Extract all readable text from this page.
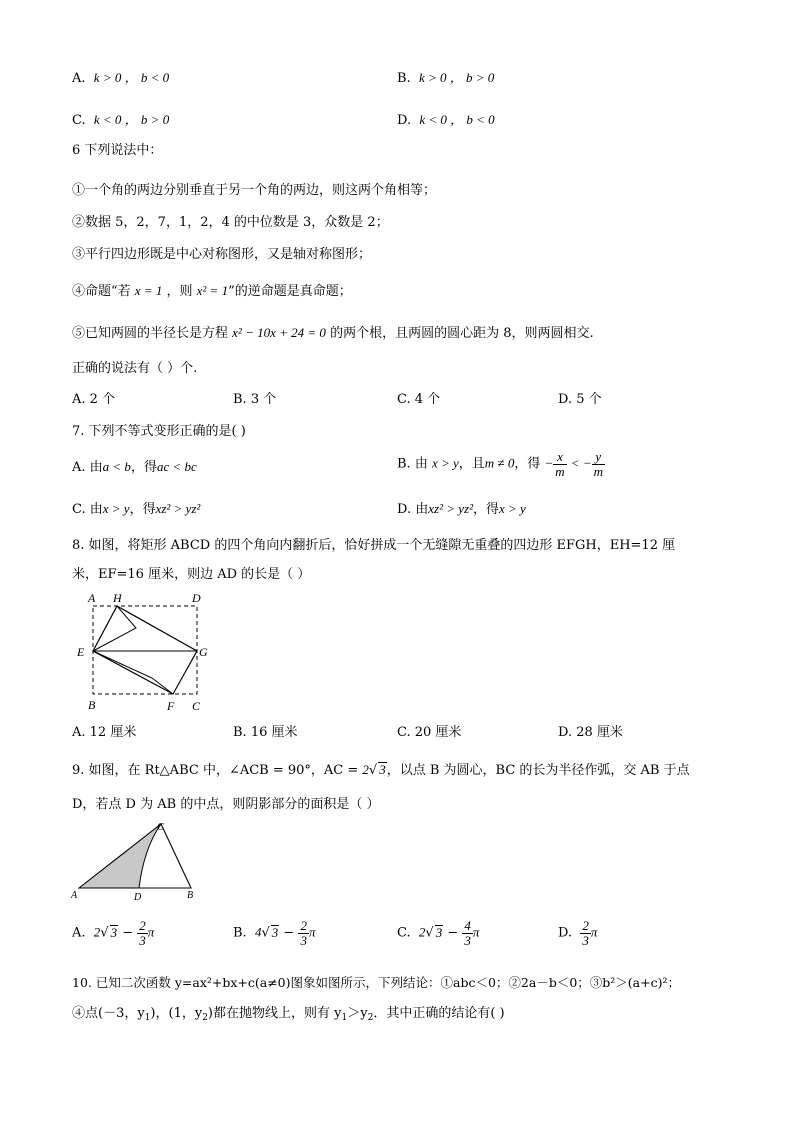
A. k > 0 ， b < 0	B. k > 0 ， b > 0
C. k < 0 ， b > 0	D. k < 0 ， b < 0
6 下列说法中：
①一个角的两边分别垂直于另一个角的两边，则这两个角相等；
②数据 5，2，7，1，2，4 的中位数是 3，众数是 2；
③平行四边形既是中心对称图形，又是轴对称图形；
④命题“若 x = 1 ，则 x² = 1”的逆命题是真命题；
⑤已知两圆的半径长是方程 x² − 10x + 24 = 0 的两个根，且两圆的圆心距为 8，则两圆相交.
正确的说法有（ ）个.
A. 2 个	B. 3 个	C. 4 个	D. 5 个
7. 下列不等式变形正确的是( )
A. 由a < b，得ac < bc	B. 由 x > y，且m ≠ 0，得 − $\frac{x}{m}$ < − $\frac{y}{m}$
C. 由x > y，得xz² > yz²	D. 由xz² > yz²，得x > y
8. 如图，将矩形 ABCD 的四个角向内翻折后，恰好拼成一个无缝隙无重叠的四边形 EFGH，EH=12 厘
米，EF=16 厘米，则边 AD 的长是（ ）
A H	D
E	G
B	F C
A. 12 厘米	B. 16 厘米	C. 20 厘米	D. 28 厘米
9. 如图，在 Rt△ABC 中，∠ACB = 90°，AC = 2√ 3，以点 B 为圆心，BC 的长为半径作弧，交 AB 于点
D，若点 D 为 AB 的中点，则阴影部分的面积是（ ）
A
C
D	B
A. 2√ $3 - \frac{2}{3}$ π	B. 4√ $3 - \frac{2}{3}$ π	C. 2√ $3 - \frac{4}{3}$ π	D. $\frac{2}{3}$ π
10. 已知二次函数 y=ax²+bx+c(a≠0)图象如图所示，下列结论：①abc＜0；②2a－b＜0；③b²＞(a+c)²；
④点(－3，$y_1$)，(1，$y_2$)都在抛物线上，则有 $y_1>y_2$．其中正确的结论有( )
